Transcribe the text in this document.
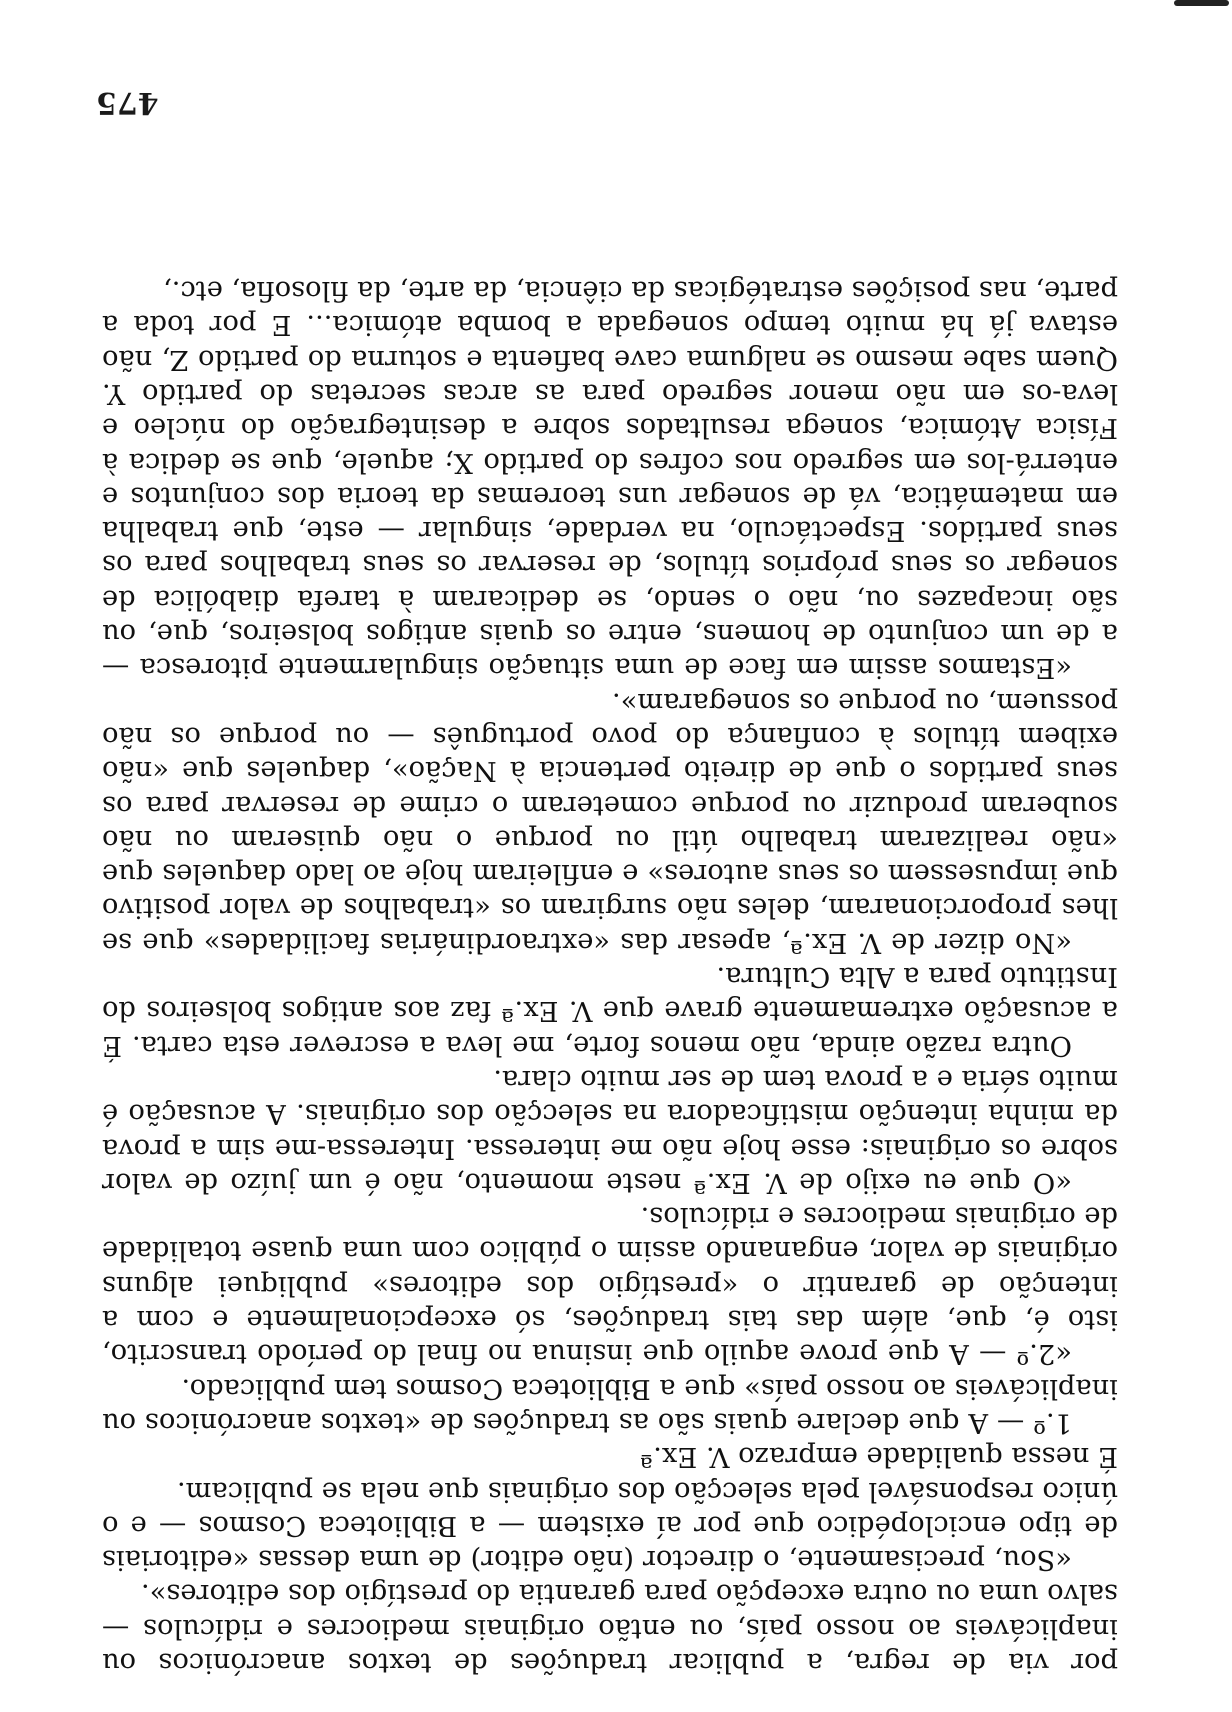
por via de regra, a publicar traduções de textos anacrónicos ou inaplicáveis ao nosso país, ou então originais mediocres e ridículos — salvo uma ou outra excepção para garantia do prestígio dos editores».

«Sou, precisamente, o director (não editor) de uma dessas «editoriais de tipo enciclopédico que por aí existem — a Biblioteca Cosmos — e o único responsável pela selecção dos originais que nela se publicam.

É nessa qualidade emprazo V. Ex.ª

1.º — A que declare quais são as traduções de «textos anacrónicos ou inaplicáveis ao nosso país» que a Biblioteca Cosmos tem publicado.

«2.º — A que prove aquilo que insinua no final do período transcrito, isto é, que, além das tais traduções, só excepcionalmente e com a intenção de garantir o «prestígio dos editores» publiquei alguns originais de valor, enganando assim o público com uma quase totalidade de originais mediocres e ridículos.

«O que eu exijo de V. Ex.ª neste momento, não é um juízo de valor sobre os originais: esse hoje não me interessa. Interessa-me sim a prova da minha intenção mistificadora na selecção dos originais. A acusação é muito séria e a prova tem de ser muito clara.

Outra razão ainda, não menos forte, me leva a escrever esta carta. É a acusação extremamente grave que V. Ex.ª faz aos antigos bolseiros do Instituto para a Alta Cultura.

«No dizer de V. Ex.ª, apesar das «extraordinárias facilidades» que se lhes proporcionaram, deles não surgiram os «trabalhos de valor positivo que impusessem os seus autores» e enfileiram hoje ao lado daqueles que «não realizaram trabalho útil ou porque o não quiseram ou não souberam produzir ou porque cometeram o crime de reservar para os seus partidos o que de direito pertencia à Nação», daqueles que «não exibem títulos à confiança do povo português — ou porque os não possuem, ou porque os sonegaram».

«Estamos assim em face de uma situação singularmente pitoresca — a de um conjunto de homens, entre os quais antigos bolseiros, que, ou são incapazes ou, não o sendo, se dedicaram à tarefa diabólica de sonegar os seus próprios títulos, de reservar os seus trabalhos para os seus partidos. Espectáculo, na verdade, singular — este, que trabalha em matemática, vá de sonegar uns teoremas da teoria dos conjuntos e enterrá-los em segredo nos cofres do partido X; aquele, que se dedica à Física Atómica, sonega resultados sobre a desintegração do núcleo e leva-os em não menor segredo para as arcas secretas do partido Y. Quem sabe mesmo se nalguma cave bafienta e soturna do partido Z, não estava já há muito tempo sonegada a bomba atómica... E por toda a parte, nas posições estratégicas da ciência, da arte, da filosofia, etc.,

475
